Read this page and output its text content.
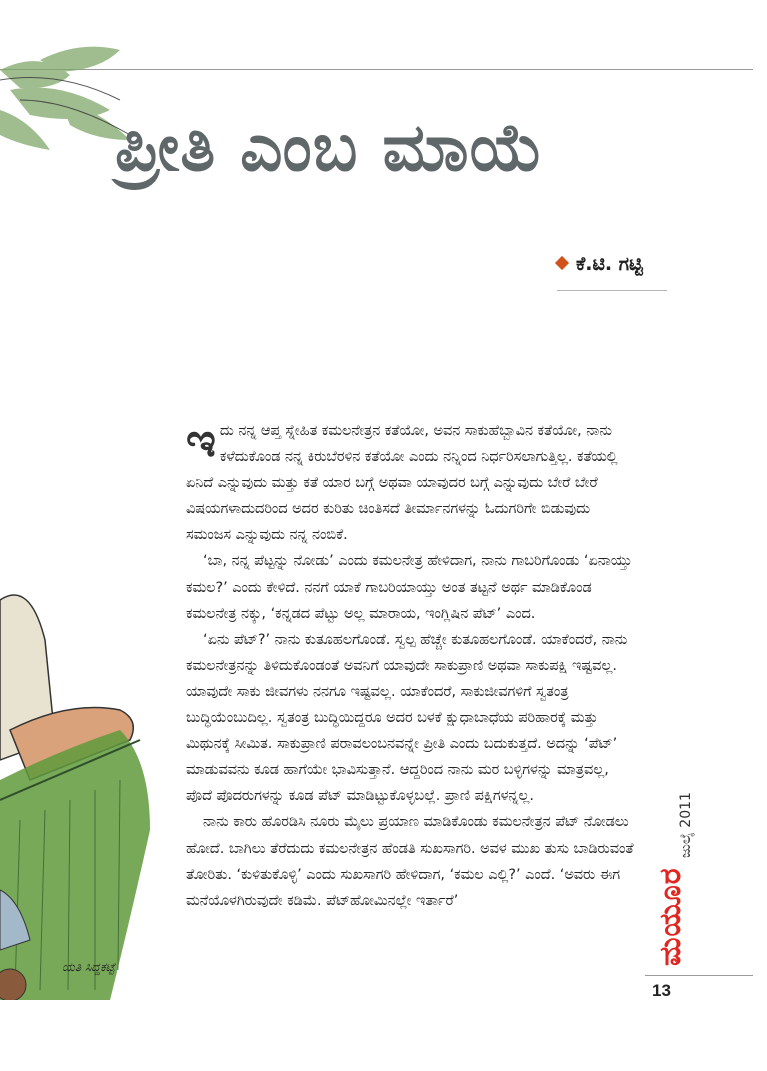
ಪ್ರೀತಿ ಎಂಬ ಮಾಯೆ
ಕೆ.ಟಿ. ಗಟ್ಟಿ

ಇದು ನನ್ನ ಆಪ್ತ ಸ್ನೇಹಿತ ಕಮಲನೇತ್ರನ ಕತೆಯೋ, ಅವನ ಸಾಕುಹೆಬ್ಬಾವಿನ ಕತೆಯೋ, ನಾನು ಕಳೆದುಕೊಂಡ ನನ್ನ ಕಿರುಬೆರಳಿನ ಕತೆಯೋ ಎಂದು ನನ್ನಿಂದ ನಿರ್ಧರಿಸಲಾಗುತ್ತಿಲ್ಲ. ಕತೆಯಲ್ಲಿ ಏನಿದೆ ಎನ್ನುವುದು ಮತ್ತು ಕತೆ ಯಾರ ಬಗ್ಗೆ ಅಥವಾ ಯಾವುದರ ಬಗ್ಗೆ ಎನ್ನುವುದು ಬೇರೆ ಬೇರೆ ವಿಷಯಗಳಾದುದರಿಂದ ಅದರ ಕುರಿತು ಚಿಂತಿಸದೆ ತೀರ್ಮಾನಗಳನ್ನು ಓದುಗರಿಗೇ ಬಿಡುವುದು ಸಮಂಜಸ ಎನ್ನುವುದು ನನ್ನ ನಂಬಿಕೆ.

‘ಬಾ, ನನ್ನ ಪೆಟ್ಟನ್ನು ನೋಡು’ ಎಂದು ಕಮಲನೇತ್ರ ಹೇಳಿದಾಗ, ನಾನು ಗಾಬರಿಗೊಂಡು ‘ಏನಾಯ್ತು ಕಮಲ?’ ಎಂದು ಕೇಳಿದೆ. ನನಗೆ ಯಾಕೆ ಗಾಬರಿಯಾಯ್ತು ಅಂತ ತಟ್ಟನೆ ಅರ್ಥ ಮಾಡಿಕೊಂಡ ಕಮಲನೇತ್ರ ನಕ್ಕು, ‘ಕನ್ನಡದ ಪೆಟ್ಟು ಅಲ್ಲ ಮಾರಾಯ, ಇಂಗ್ಲಿಷಿನ ಪೆಟ್’ ಎಂದ.

‘ಏನು ಪೆಟ್?’ ನಾನು ಕುತೂಹಲಗೊಂಡೆ. ಸ್ವಲ್ಪ ಹೆಚ್ಚೇ ಕುತೂಹಲಗೊಂಡೆ. ಯಾಕೆಂದರೆ, ನಾನು ಕಮಲನೇತ್ರನನ್ನು ತಿಳಿದುಕೊಂಡಂತೆ ಅವನಿಗೆ ಯಾವುದೇ ಸಾಕುಪ್ರಾಣಿ ಅಥವಾ ಸಾಕುಪಕ್ಷಿ ಇಷ್ಟವಲ್ಲ. ಯಾವುದೇ ಸಾಕು ಜೀವಗಳು ನನಗೂ ಇಷ್ಟವಲ್ಲ. ಯಾಕೆಂದರೆ, ಸಾಕುಜೀವಗಳಿಗೆ ಸ್ವತಂತ್ರ ಬುದ್ಧಿಯೆಂಬುದಿಲ್ಲ. ಸ್ವತಂತ್ರ ಬುದ್ಧಿಯಿದ್ದರೂ ಅದರ ಬಳಕೆ ಕ್ಷುಧಾಬಾಧೆಯ ಪರಿಹಾರಕ್ಕೆ ಮತ್ತು ಮಿಥುನಕ್ಕೆ ಸೀಮಿತ. ಸಾಕುಪ್ರಾಣಿ ಪರಾವಲಂಬನವನ್ನೇ ಪ್ರೀತಿ ಎಂದು ಬದುಕುತ್ತದೆ. ಅದನ್ನು ‘ಪೆಟ್’ ಮಾಡುವವನು ಕೂಡ ಹಾಗೆಯೇ ಭಾವಿಸುತ್ತಾನೆ. ಆದ್ದರಿಂದ ನಾನು ಮರ ಬಳ್ಳಿಗಳನ್ನು ಮಾತ್ರವಲ್ಲ, ಪೊದೆ ಪೊದರುಗಳನ್ನು ಕೂಡ ಪೆಟ್ ಮಾಡಿಟ್ಟುಕೊಳ್ಳಬಲ್ಲೆ. ಪ್ರಾಣಿ ಪಕ್ಷಿಗಳನ್ನಲ್ಲ.

ನಾನು ಕಾರು ಹೊರಡಿಸಿ ನೂರು ಮೈಲು ಪ್ರಯಾಣ ಮಾಡಿಕೊಂಡು ಕಮಲನೇತ್ರನ ಪೆಟ್ ನೋಡಲು ಹೋದೆ. ಬಾಗಿಲು ತೆರೆದುದು ಕಮಲನೇತ್ರನ ಹೆಂಡತಿ ಸುಖಸಾಗರಿ. ಅವಳ ಮುಖ ತುಸು ಬಾಡಿರುವಂತೆ ತೋರಿತು. ‘ಕುಳಿತುಕೊಳ್ಳಿ’ ಎಂದು ಸುಖಸಾಗರಿ ಹೇಳಿದಾಗ, ‘ಕಮಲ ಎಲ್ಲಿ?’ ಎಂದೆ. ‘ಅವರು ಈಗ ಮನೆಯೊಳಗಿರುವುದೇ ಕಡಿಮೆ. ಪೆಟ್‌ಹೋಮಿನಲ್ಲೇ ಇರ್ತಾರೆ’

ಯತಿ ಸಿದ್ದಕಟ್ಟೆ
ಮಯೂರ
ಜುಲೈ 2011
13
